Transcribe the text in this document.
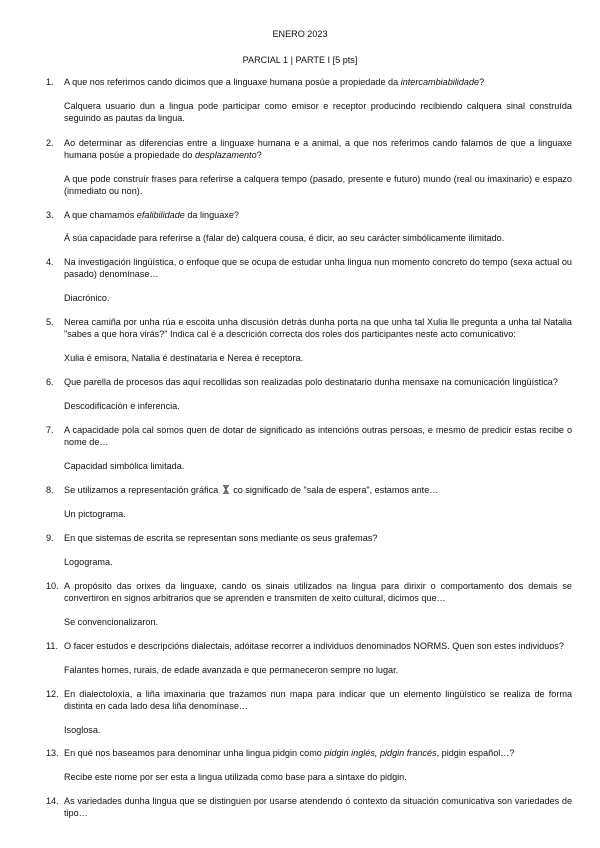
ENERO 2023
PARCIAL 1 | PARTE I [5 pts]
1. A que nos referimos cando dicimos que a linguaxe humana posúe a propiedade da intercambiabilidade?
Calquera usuario dun a lingua pode participar como emisor e receptor producindo recibiendo calquera sinal construída seguindo as pautas da lingua.
2. Ao determinar as diferencias entre a linguaxe humana e a animal, a que nos referimos cando falamos de que a linguaxe humana posúe a propiedade do desplazamento?
A que pode construír frases para referirse a calquera tempo (pasado, presente e futuro) mundo (real ou imaxinario) e espazo (inmediato ou non).
3. A que chamamos efalibilidade da linguaxe?
Á súa capacidade para referirse a (falar de) calquera cousa, é dicir, ao seu carácter simbólicamente ilimitado.
4. Na investigación lingüística, o enfoque que se ocupa de estudar unha lingua nun momento concreto do tempo (sexa actual ou pasado) denomínase…
Diacrónico.
5. Nerea camiña por unha rúa e escoita unha discusión detrás dunha porta na que unha tal Xulia lle pregunta a unha tal Natalia "sabes a que hora virás?" Indica cal é a descrición correcta dos roles dos participantes neste acto comunicativo:
Xulia é emisora, Natalia é destinataria e Nerea é receptora.
6. Que parella de procesos das aquí recollidas son realizadas polo destinatario dunha mensaxe na comunicación lingüística?
Descodificación e inferencia.
7. A capacidade pola cal somos quen de dotar de significado as intencións outras persoas, e mesmo de predicir estas recibe o nome de…
Capacidad simbólica limitada.
8. Se utilizamos a representación gráfica  co significado de "sala de espera", estamos ante…
Un pictograma.
9. En que sistemas de escrita se representan sons mediante os seus grafemas?
Logograma.
10. A propósito das orixes da linguaxe, cando os sinais utilizados na lingua para dirixir o comportamento dos demais se convertiron en signos arbitrarios que se aprenden e transmiten de xeito cultural, dicimos que…
Se convencionalizaron.
11. O facer estudos e descripcións dialectais, adóitase recorrer a individuos denominados NORMS. Quen son estes individuos?
Falantes homes, rurais, de edade avanzada e que permaneceron sempre no lugar.
12. En dialectoloxía, a liña imaxinaria que trazamos nun mapa para indicar que un elemento lingüístico se realiza de forma distinta en cada lado desa liña denomínase…
Isoglosa.
13. En qué nos baseamos para denominar unha lingua pidgin como pidgin inglés, pidgin francés, pidgin español…?
Recibe este nome por ser esta a lingua utilizada como base para a sintaxe do pidgin.
14. As variedades dunha lingua que se distinguen por usarse atendendo ó contexto da situación comunicativa son variedades de tipo…
